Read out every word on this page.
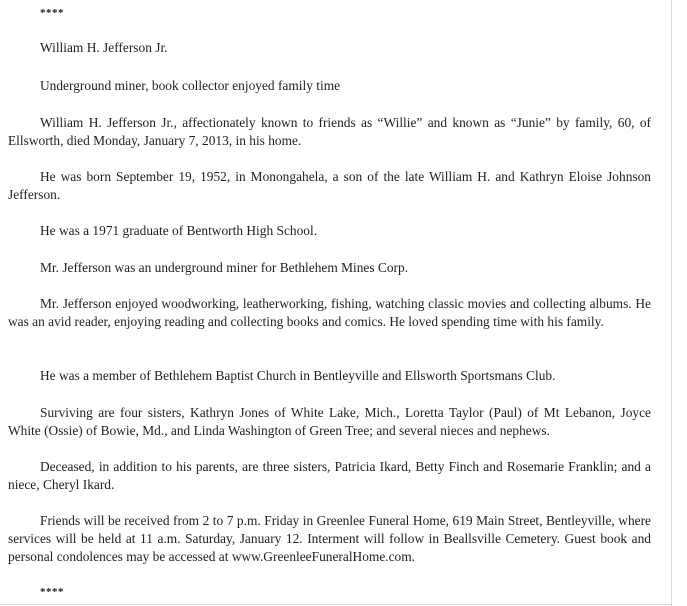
****
William H. Jefferson Jr.
Underground miner, book collector enjoyed family time
William H. Jefferson Jr., affectionately known to friends as “Willie” and known as “Junie” by family, 60, of Ellsworth, died Monday, January 7, 2013, in his home.
He was born September 19, 1952, in Monongahela, a son of the late William H. and Kathryn Eloise Johnson Jefferson.
He was a 1971 graduate of Bentworth High School.
Mr. Jefferson was an underground miner for Bethlehem Mines Corp.
Mr. Jefferson enjoyed woodworking, leatherworking, fishing, watching classic movies and collecting albums. He was an avid reader, enjoying reading and collecting books and comics. He loved spending time with his family.
He was a member of Bethlehem Baptist Church in Bentleyville and Ellsworth Sportsmans Club.
Surviving are four sisters, Kathryn Jones of White Lake, Mich., Loretta Taylor (Paul) of Mt Lebanon, Joyce White (Ossie) of Bowie, Md., and Linda Washington of Green Tree; and several nieces and nephews.
Deceased, in addition to his parents, are three sisters, Patricia Ikard, Betty Finch and Rosemarie Franklin; and a niece, Cheryl Ikard.
Friends will be received from 2 to 7 p.m. Friday in Greenlee Funeral Home, 619 Main Street, Bentleyville, where services will be held at 11 a.m. Saturday, January 12. Interment will follow in Beallsville Cemetery. Guest book and personal condolences may be accessed at www.GreenleeFuneralHome.com.
****
